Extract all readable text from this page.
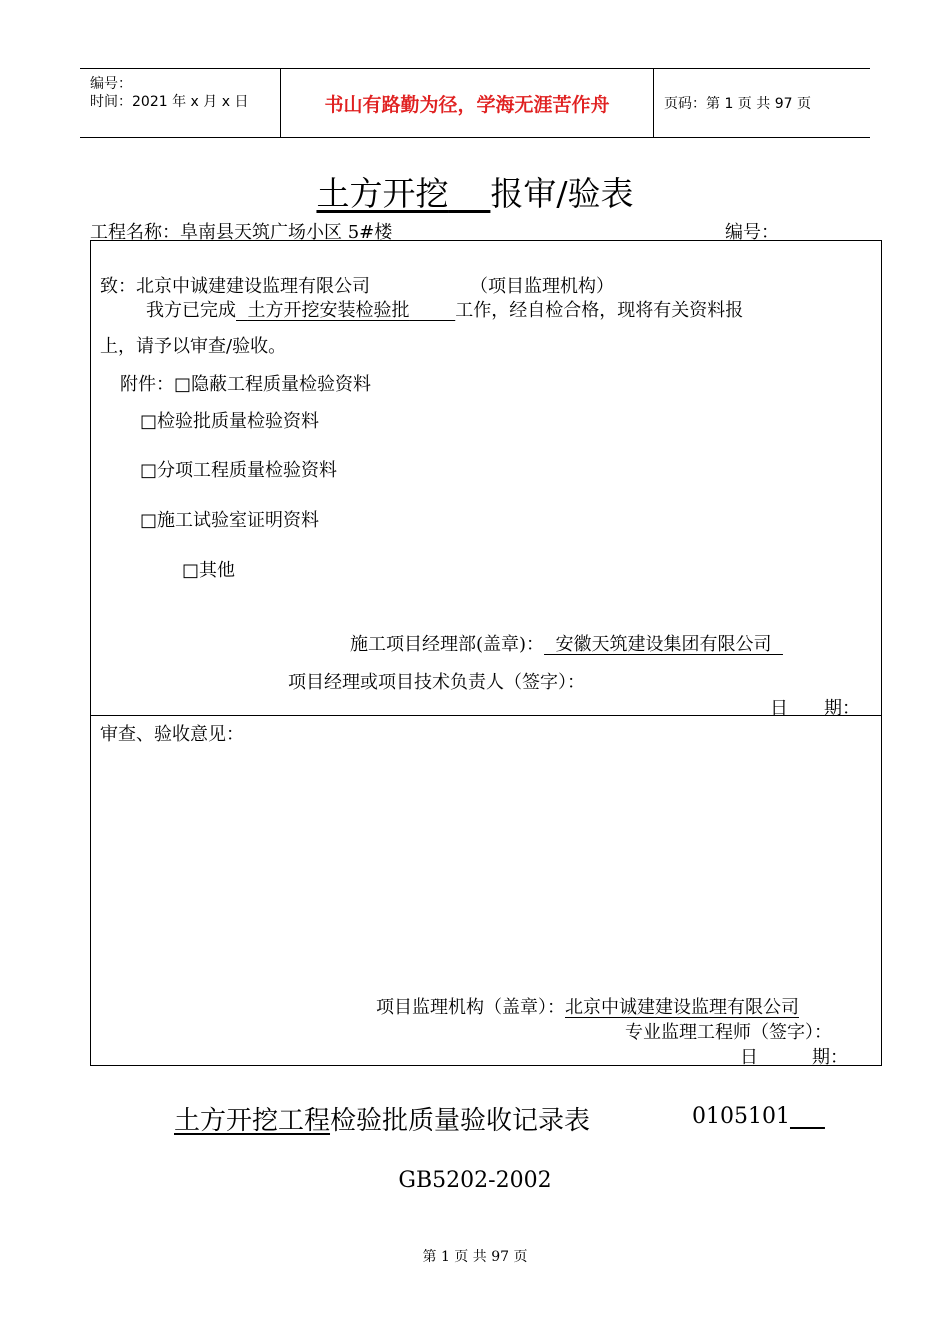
编号：
时间：2021 年 x 月 x 日	书山有路勤为径，学海无涯苦作舟	页码：第 1 页 共 97 页
土方开挖 报审/验表
工程名称：阜南县天筑广场小区 5#楼	编号：
致：北京中诚建建设监理有限公司	（项目监理机构）
我方已完成 土方开挖安装检验批	工作，经自检合格，现将有关资料报
上，请予以审查/验收。
附件：□隐蔽工程质量检验资料
□检验批质量检验资料
□分项工程质量检验资料
□施工试验室证明资料
□其他
施工项目经理部(盖章)： 安徽天筑建设集团有限公司
项目经理或项目技术负责人（签字）：
日　　期：
审查、验收意见：
项目监理机构（盖章）：北京中诚建建设监理有限公司
专业监理工程师（签字）：
日　　　期：
土方开挖工程检验批质量验收记录表	0105101
GB5202-2002
第 1 页 共 97 页
